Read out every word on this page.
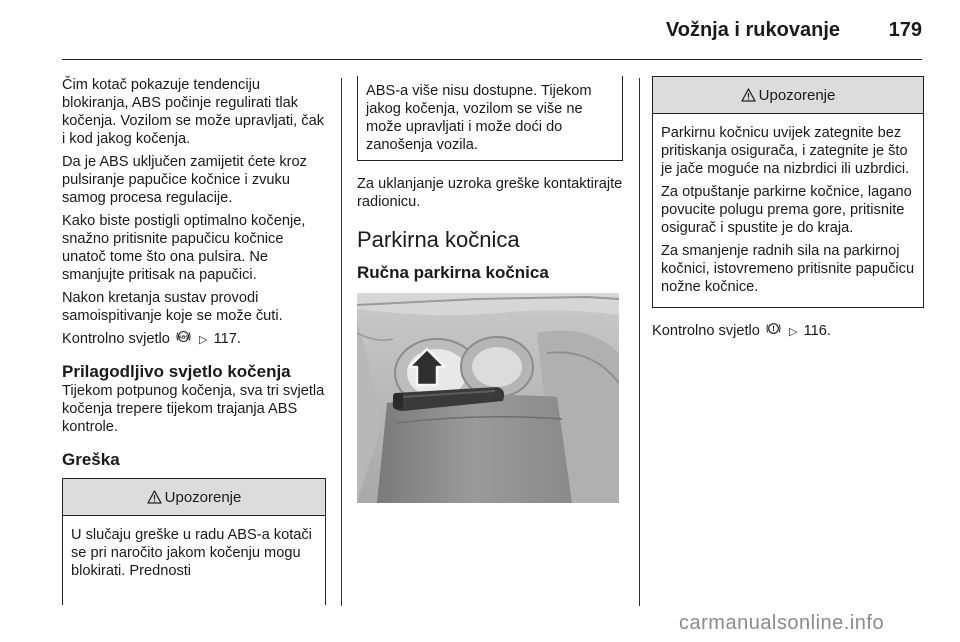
Vožnja i rukovanje	179

Čim kotač pokazuje tendenciju blokiranja, ABS počinje regulirati tlak kočenja. Vozilom se može upravljati, čak i kod jakog kočenja.

Da je ABS uključen zamijetit ćete kroz pulsiranje papučice kočnice i zvuku samog procesa regulacije.

Kako biste postigli optimalno kočenje, snažno pritisnite papučicu kočnice unatoč tome što ona pulsira. Ne smanjujte pritisak na papučici.

Nakon kretanja sustav provodi samoispitivanje koje se može čuti.

Kontrolno svjetlo ABS ▷ 117.

Prilagodljivo svjetlo kočenja

Tijekom potpunog kočenja, sva tri svjetla kočenja trepere tijekom trajanja ABS kontrole.

Greška
Upozorenje

U slučaju greške u radu ABS-a kotači se pri naročito jakom kočenju mogu blokirati. Prednosti

ABS-a više nisu dostupne. Tijekom jakog kočenja, vozilom se više ne može upravljati i može doći do zanošenja vozila.

Za uklanjanje uzroka greške kontaktirajte radionicu.

Parkirna kočnica
Ručna parkirna kočnica
Upozorenje

Parkirnu kočnicu uvijek zategnite bez pritiskanja osigurača, i zategnite je što je jače moguće na nizbrdici ili uzbrdici.

Za otpuštanje parkirne kočnice, lagano povucite polugu prema gore, pritisnite osigurač i spustite je do kraja.

Za smanjenje radnih sila na parkirnoj kočnici, istovremeno pritisnite papučicu nožne kočnice.

Kontrolno svjetlo ! ▷ 116.

carmanualsonline.info
